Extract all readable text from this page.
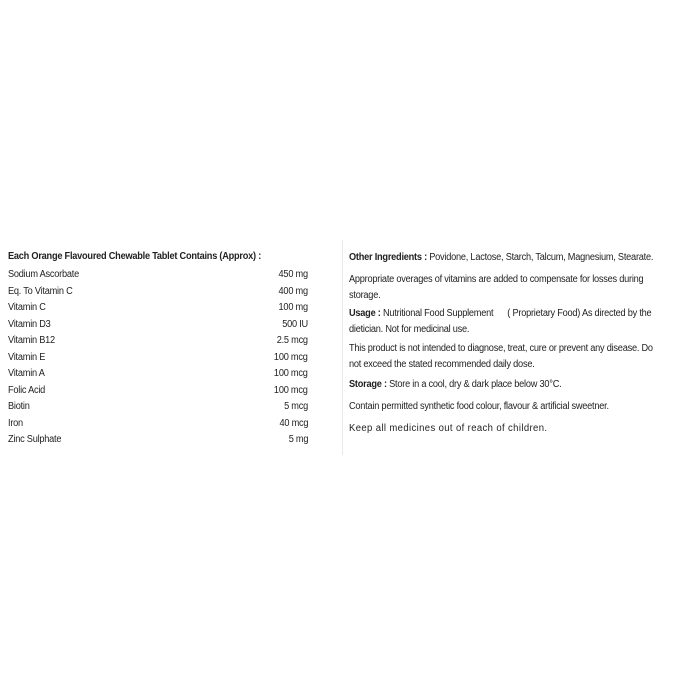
Each Orange Flavoured Chewable Tablet Contains (Approx) :
Sodium Ascorbate	450 mg
Eq. To Vitamin C	400 mg
Vitamin C	100 mg
Vitamin D3	500 IU
Vitamin B12	2.5 mcg
Vitamin E	100 mcg
Vitamin A	100 mcg
Folic Acid	100 mcg
Biotin	5 mcg
Iron	40 mcg
Zinc Sulphate	5 mg
Other Ingredients : Povidone, Lactose, Starch, Talcum, Magnesium, Stearate.
Appropriate overages of vitamins are added to compensate for losses during
storage.
Usage : Nutritional Food Supplement      ( Proprietary Food) As directed by the
dietician. Not for medicinal use.
This product is not intended to diagnose, treat, cure or prevent any disease. Do
not exceed the stated recommended daily dose.
Storage : Store in a cool, dry & dark place below 30°C.
Contain permitted synthetic food colour, flavour & artificial sweetner.
Keep all medicines out of reach of children.
